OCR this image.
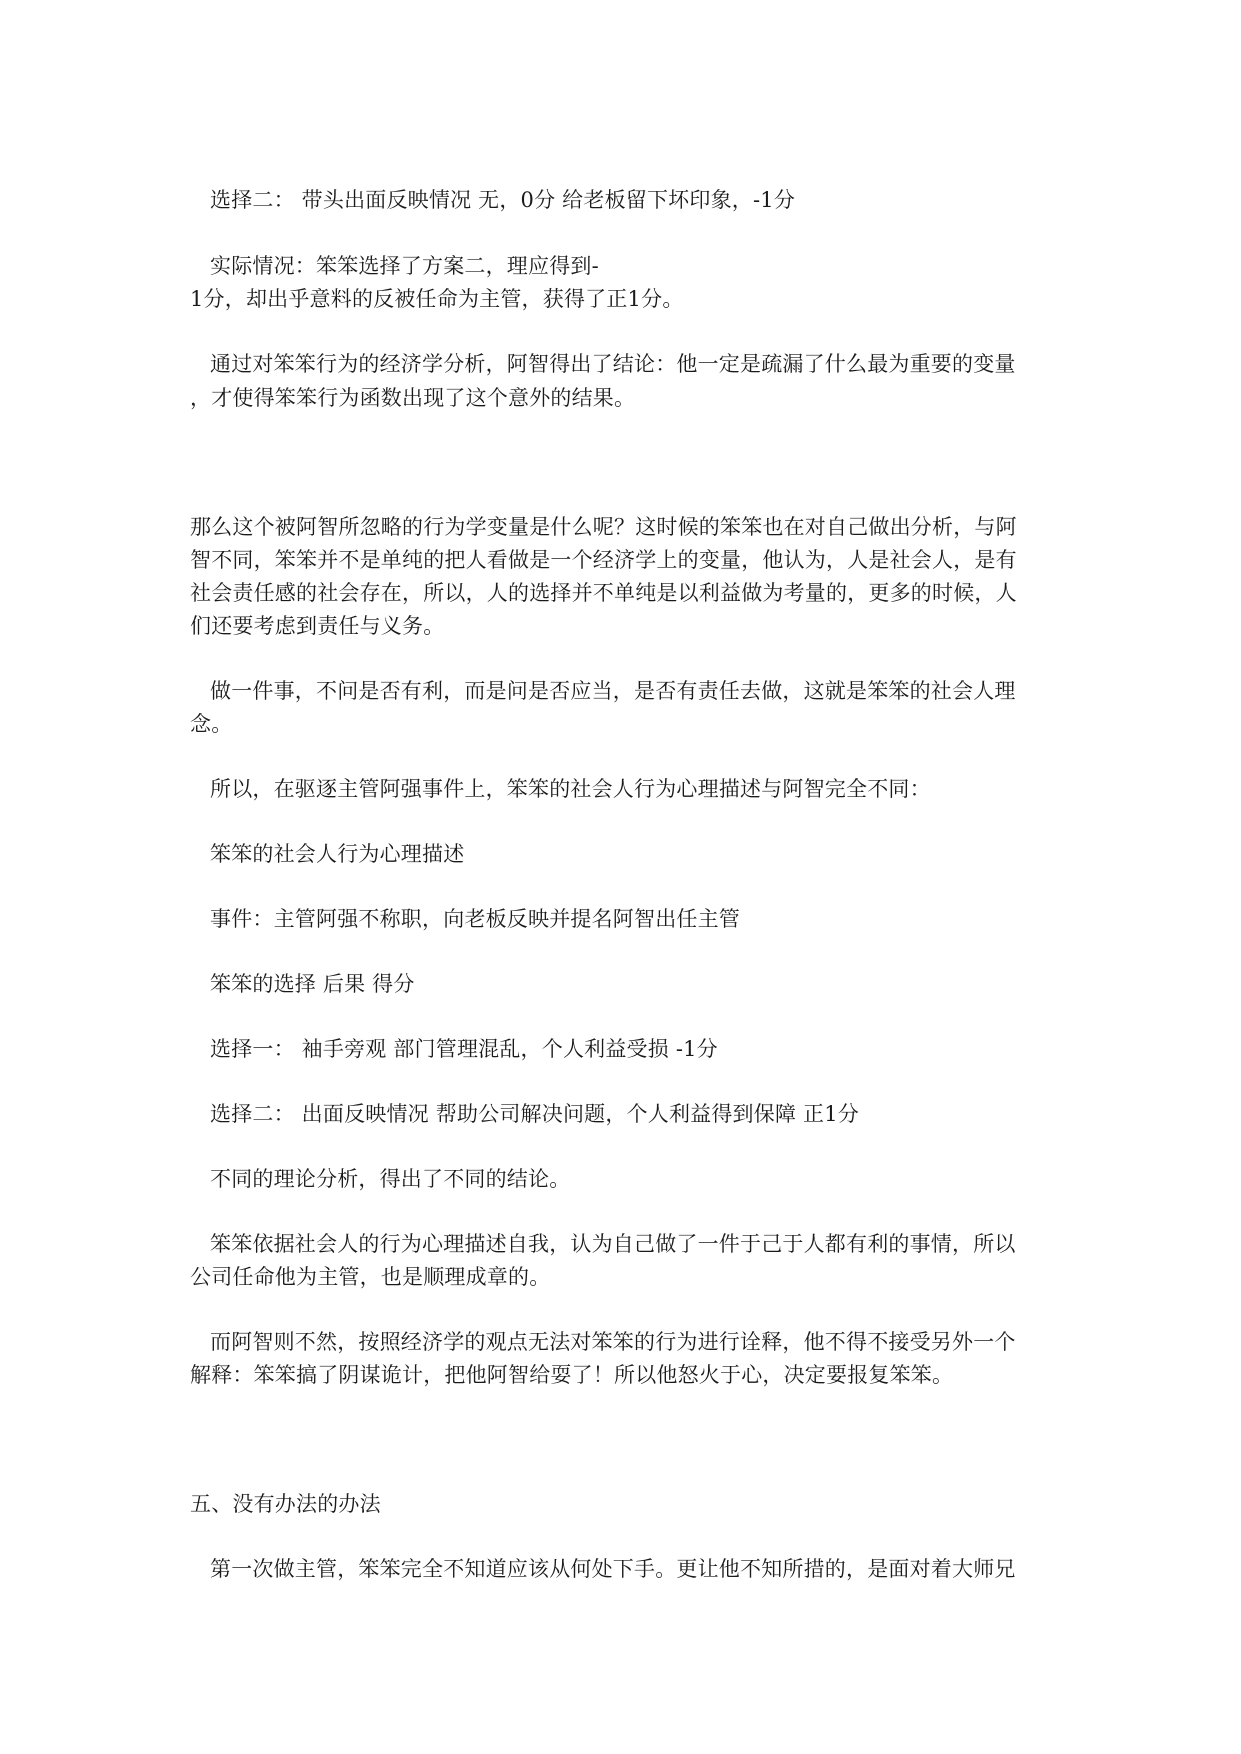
选择二： 带头出面反映情况 无，0分 给老板留下坏印象，-1分
实际情况：笨笨选择了方案二，理应得到-
1分，却出乎意料的反被任命为主管，获得了正1分。
通过对笨笨行为的经济学分析，阿智得出了结论：他一定是疏漏了什么最为重要的变量
，才使得笨笨行为函数出现了这个意外的结果。
那么这个被阿智所忽略的行为学变量是什么呢？这时候的笨笨也在对自己做出分析，与阿
智不同，笨笨并不是单纯的把人看做是一个经济学上的变量，他认为，人是社会人，是有
社会责任感的社会存在，所以，人的选择并不单纯是以利益做为考量的，更多的时候，人
们还要考虑到责任与义务。
做一件事，不问是否有利，而是问是否应当，是否有责任去做，这就是笨笨的社会人理
念。
所以，在驱逐主管阿强事件上，笨笨的社会人行为心理描述与阿智完全不同：
笨笨的社会人行为心理描述
事件：主管阿强不称职，向老板反映并提名阿智出任主管
笨笨的选择 后果 得分
选择一： 袖手旁观 部门管理混乱，个人利益受损 -1分
选择二： 出面反映情况 帮助公司解决问题，个人利益得到保障 正1分
不同的理论分析，得出了不同的结论。
笨笨依据社会人的行为心理描述自我，认为自己做了一件于己于人都有利的事情，所以
公司任命他为主管，也是顺理成章的。
而阿智则不然，按照经济学的观点无法对笨笨的行为进行诠释，他不得不接受另外一个
解释：笨笨搞了阴谋诡计，把他阿智给耍了！所以他怒火于心，决定要报复笨笨。
五、没有办法的办法
第一次做主管，笨笨完全不知道应该从何处下手。更让他不知所措的，是面对着大师兄
